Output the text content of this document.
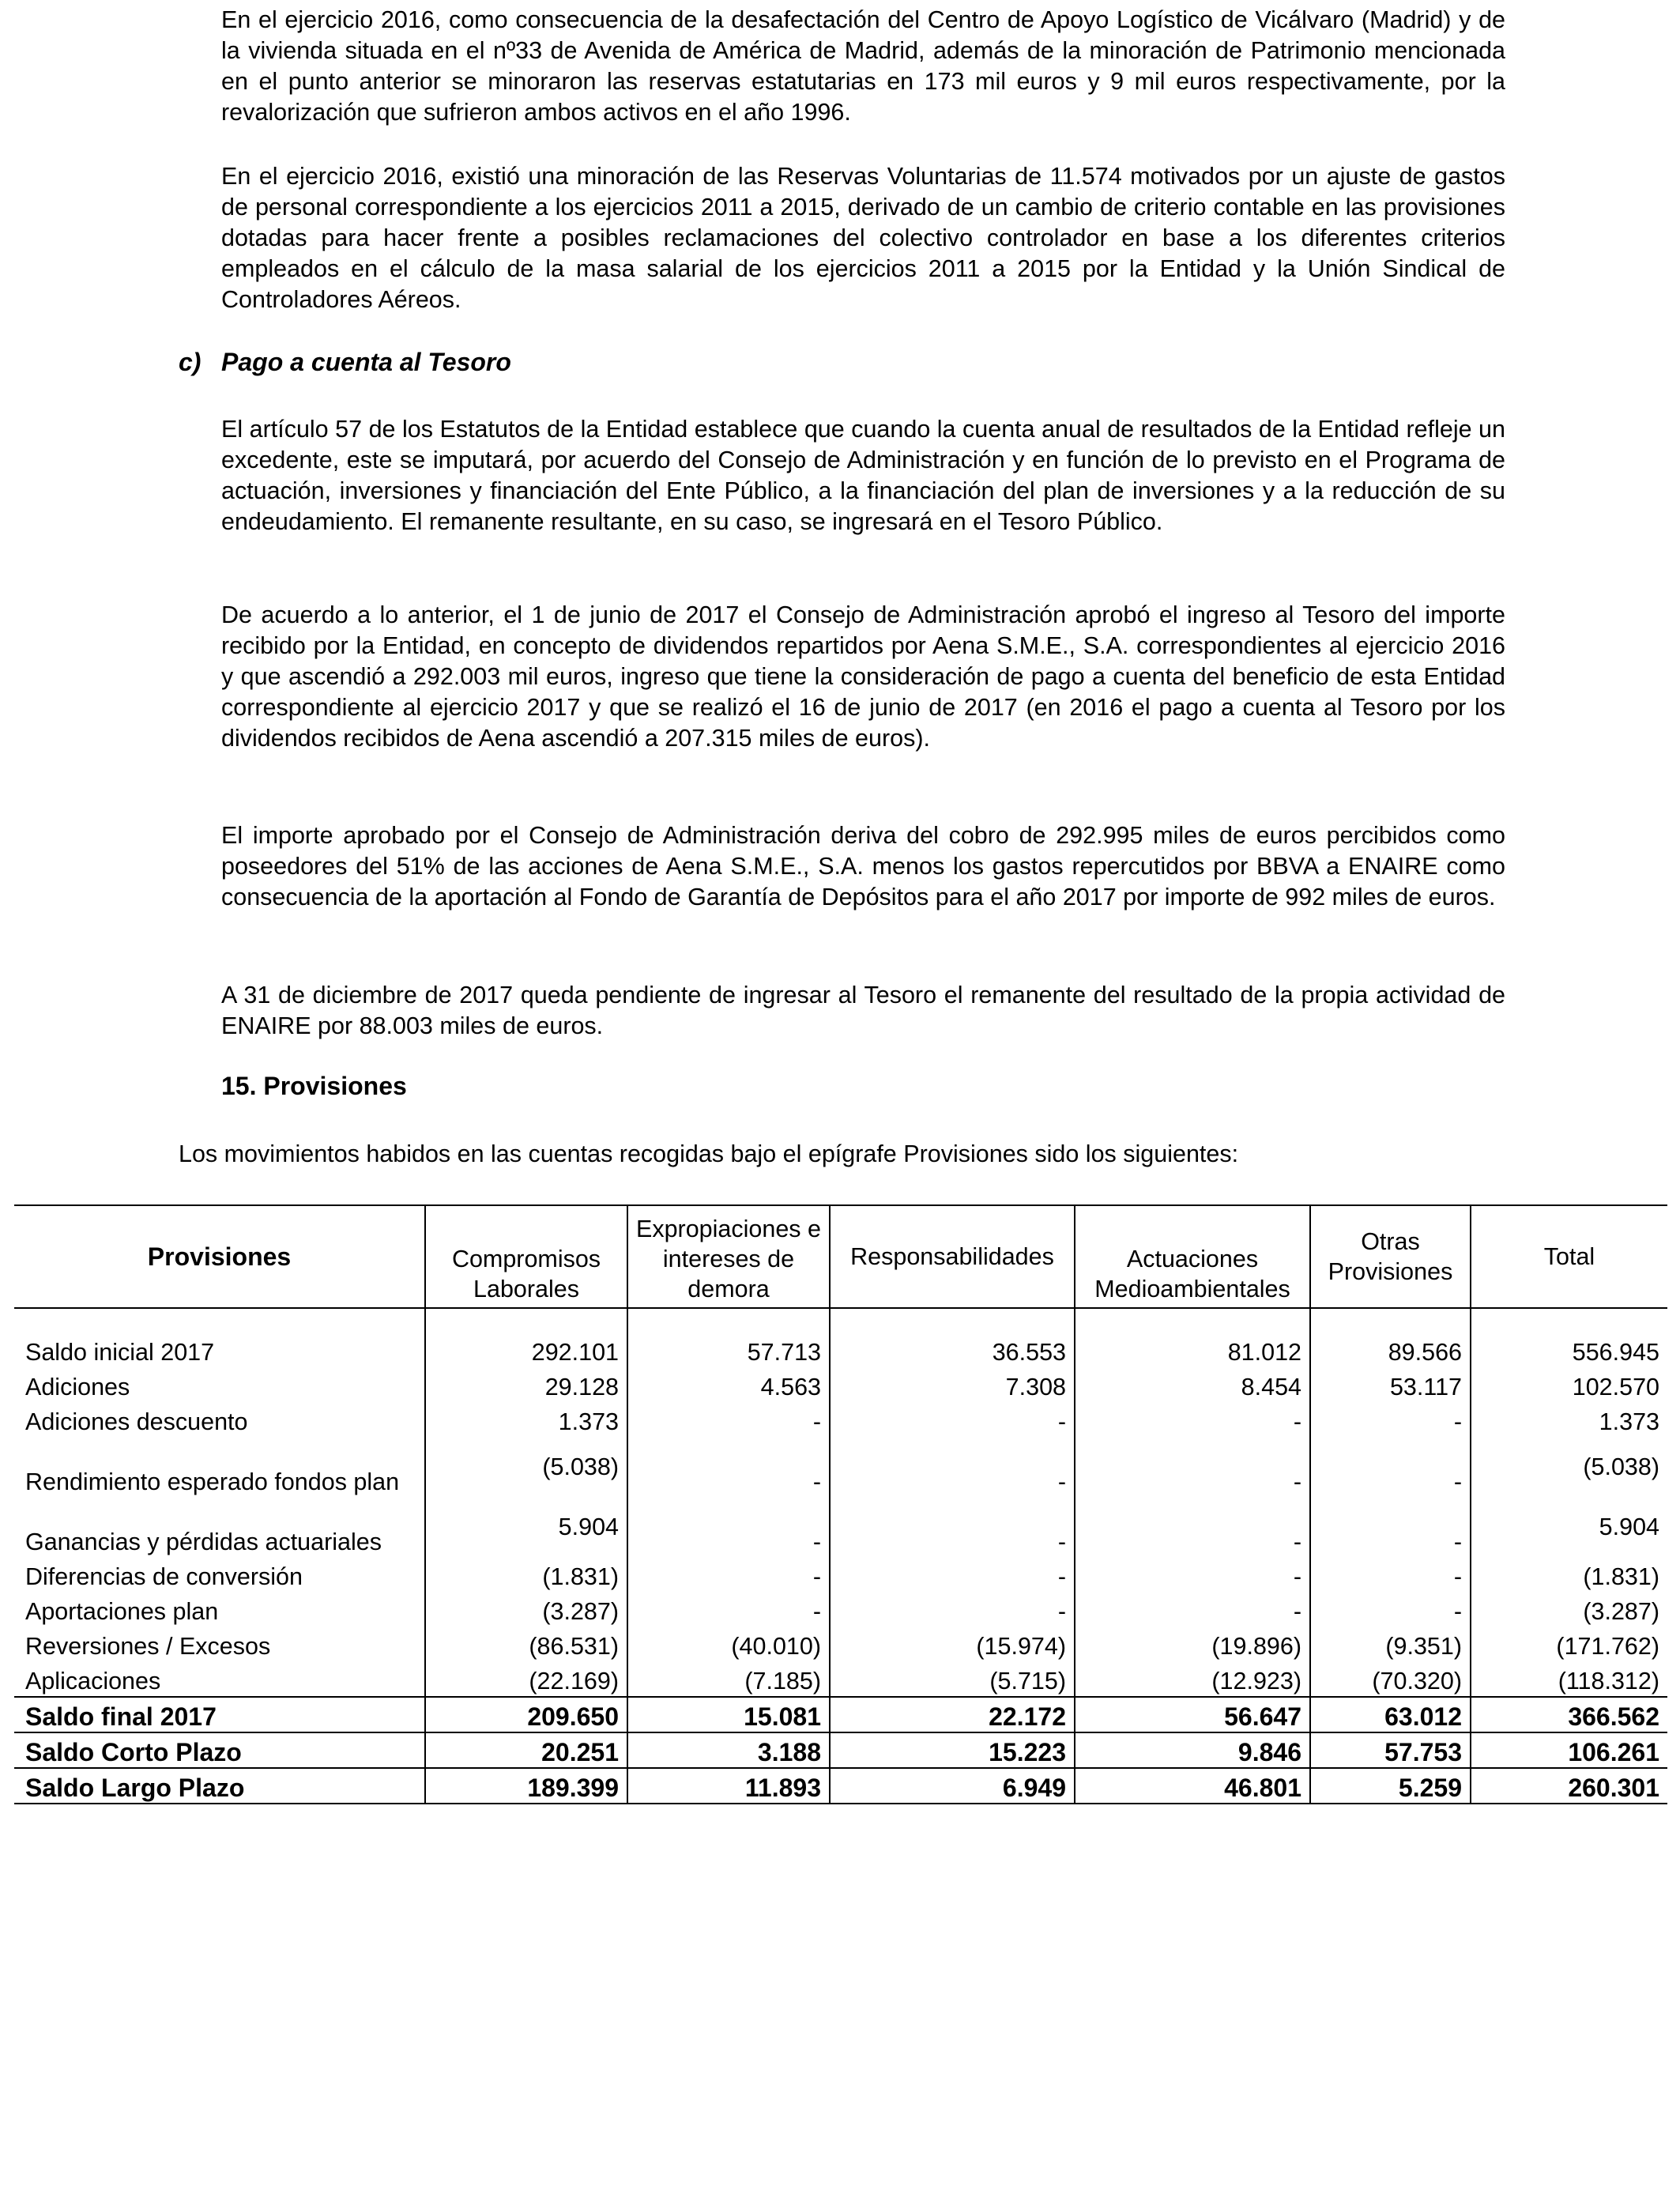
En el ejercicio 2016, como consecuencia de la desafectación del Centro de Apoyo Logístico de Vicálvaro (Madrid) y de la vivienda situada en el nº33 de Avenida de América de Madrid, además de la minoración de Patrimonio mencionada en el punto anterior se minoraron las reservas estatutarias en 173 mil euros y 9 mil euros respectivamente, por la revalorización que sufrieron ambos activos en el año 1996.

En el ejercicio 2016, existió una minoración de las Reservas Voluntarias de 11.574 motivados por un ajuste de gastos de personal correspondiente a los ejercicios 2011 a 2015, derivado de un cambio de criterio contable en las provisiones dotadas para hacer frente a posibles reclamaciones del colectivo controlador en base a los diferentes criterios empleados en el cálculo de la masa salarial de los ejercicios 2011 a 2015 por la Entidad y la Unión Sindical de Controladores Aéreos.

c) Pago a cuenta al Tesoro

El artículo 57 de los Estatutos de la Entidad establece que cuando la cuenta anual de resultados de la Entidad refleje un excedente, este se imputará, por acuerdo del Consejo de Administración y en función de lo previsto en el Programa de actuación, inversiones y financiación del Ente Público, a la financiación del plan de inversiones y a la reducción de su endeudamiento. El remanente resultante, en su caso, se ingresará en el Tesoro Público.

De acuerdo a lo anterior, el 1 de junio de 2017 el Consejo de Administración aprobó el ingreso al Tesoro del importe recibido por la Entidad, en concepto de dividendos repartidos por Aena S.M.E., S.A. correspondientes al ejercicio 2016 y que ascendió a 292.003 mil euros, ingreso que tiene la consideración de pago a cuenta del beneficio de esta Entidad correspondiente al ejercicio 2017 y que se realizó el 16 de junio de 2017 (en 2016 el pago a cuenta al Tesoro por los dividendos recibidos de Aena ascendió a 207.315 miles de euros).

El importe aprobado por el Consejo de Administración deriva del cobro de 292.995 miles de euros percibidos como poseedores del 51% de las acciones de Aena S.M.E., S.A. menos los gastos repercutidos por BBVA a ENAIRE como consecuencia de la aportación al Fondo de Garantía de Depósitos para el año 2017 por importe de 992 miles de euros.

A 31 de diciembre de 2017 queda pendiente de ingresar al Tesoro el remanente del resultado de la propia actividad de ENAIRE por 88.003 miles de euros.

15. Provisiones

Los movimientos habidos en las cuentas recogidas bajo el epígrafe Provisiones sido los siguientes:

Provisiones	Compromisos Laborales	Expropiaciones e intereses de demora	Responsabilidades	Actuaciones Medioambientales	Otras Provisiones	Total

Saldo inicial 2017	292.101	57.713	36.553	81.012	89.566	556.945
Adiciones	29.128	4.563	7.308	8.454	53.117	102.570
Adiciones descuento	1.373	-	-	-	-	1.373
Rendimiento esperado fondos plan	(5.038)	-	-	-	-	(5.038)
Ganancias y pérdidas actuariales	5.904	-	-	-	-	5.904
Diferencias de conversión	(1.831)	-	-	-	-	(1.831)
Aportaciones plan	(3.287)	-	-	-	-	(3.287)
Reversiones / Excesos	(86.531)	(40.010)	(15.974)	(19.896)	(9.351)	(171.762)
Aplicaciones	(22.169)	(7.185)	(5.715)	(12.923)	(70.320)	(118.312)
Saldo final 2017	209.650	15.081	22.172	56.647	63.012	366.562
Saldo Corto Plazo	20.251	3.188	15.223	9.846	57.753	106.261
Saldo Largo Plazo	189.399	11.893	6.949	46.801	5.259	260.301
